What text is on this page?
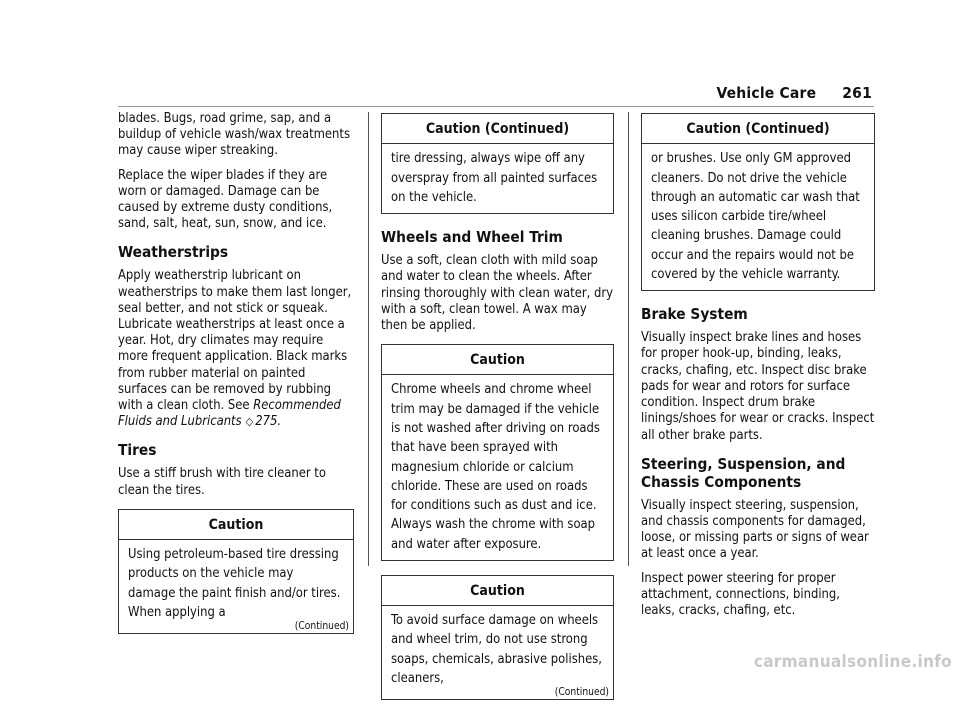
Vehicle Care 261

blades. Bugs, road grime, sap, and a buildup of vehicle wash/wax treatments may cause wiper streaking.

Replace the wiper blades if they are worn or damaged. Damage can be caused by extreme dusty conditions, sand, salt, heat, sun, snow, and ice.

Weatherstrips

Apply weatherstrip lubricant on weatherstrips to make them last longer, seal better, and not stick or squeak. Lubricate weatherstrips at least once a year. Hot, dry climates may require more frequent application. Black marks from rubber material on painted surfaces can be removed by rubbing with a clean cloth. See Recommended Fluids and Lubricants ◇ 275.

Tires

Use a stiff brush with tire cleaner to clean the tires.

Caution
Using petroleum-based tire dressing products on the vehicle may damage the paint finish and/or tires. When applying a
(Continued)
Caution (Continued)
tire dressing, always wipe off any overspray from all painted surfaces on the vehicle.
Wheels and Wheel Trim

Use a soft, clean cloth with mild soap and water to clean the wheels. After rinsing thoroughly with clean water, dry with a soft, clean towel. A wax may then be applied.

Caution
Chrome wheels and chrome wheel trim may be damaged if the vehicle is not washed after driving on roads that have been sprayed with magnesium chloride or calcium chloride. These are used on roads for conditions such as dust and ice. Always wash the chrome with soap and water after exposure.
Caution
To avoid surface damage on wheels and wheel trim, do not use strong soaps, chemicals, abrasive polishes, cleaners,
(Continued)
Caution (Continued)
or brushes. Use only GM approved cleaners. Do not drive the vehicle through an automatic car wash that uses silicon carbide tire/wheel cleaning brushes. Damage could occur and the repairs would not be covered by the vehicle warranty.
Brake System

Visually inspect brake lines and hoses for proper hook-up, binding, leaks, cracks, chafing, etc. Inspect disc brake pads for wear and rotors for surface condition. Inspect drum brake linings/shoes for wear or cracks. Inspect all other brake parts.

Steering, Suspension, and Chassis Components

Visually inspect steering, suspension, and chassis components for damaged, loose, or missing parts or signs of wear at least once a year.

Inspect power steering for proper attachment, connections, binding, leaks, cracks, chafing, etc.

carmanualsonline.info
